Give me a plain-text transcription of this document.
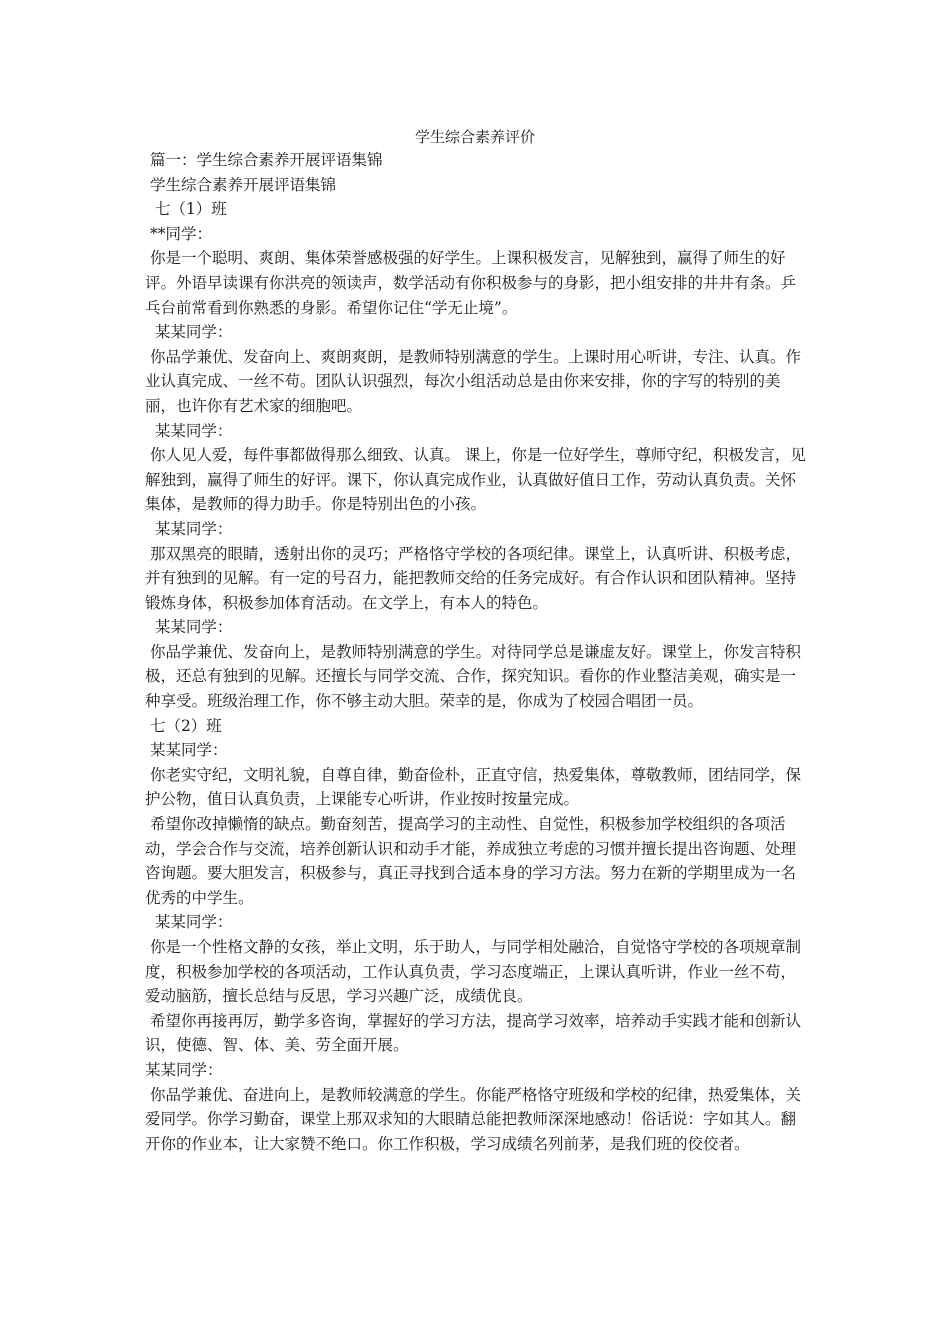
学生综合素养评价

篇一：学生综合素养开展评语集锦

学生综合素养开展评语集锦

七（1）班

**同学：

你是一个聪明、爽朗、集体荣誉感极强的好学生。上课积极发言，见解独到，赢得了师生的好评。外语早读课有你洪亮的领读声，数学活动有你积极参与的身影，把小组安排的井井有条。乒乓台前常看到你熟悉的身影。希望你记住“学无止境”。

某某同学：

你品学兼优、发奋向上、爽朗爽朗，是教师特别满意的学生。上课时用心听讲，专注、认真。作业认真完成、一丝不苟。团队认识强烈，每次小组活动总是由你来安排，你的字写的特别的美丽，也许你有艺术家的细胞吧。

某某同学：

你人见人爱，每件事都做得那么细致、认真。 课上，你是一位好学生，尊师守纪，积极发言，见解独到，赢得了师生的好评。课下，你认真完成作业，认真做好值日工作，劳动认真负责。关怀集体，是教师的得力助手。你是特别出色的小孩。

某某同学：

那双黑亮的眼睛，透射出你的灵巧；严格恪守学校的各项纪律。课堂上，认真听讲、积极考虑，并有独到的见解。有一定的号召力，能把教师交给的任务完成好。有合作认识和团队精神。坚持锻炼身体，积极参加体育活动。在文学上，有本人的特色。

某某同学：

你品学兼优、发奋向上，是教师特别满意的学生。对待同学总是谦虚友好。课堂上，你发言特积极，还总有独到的见解。还擅长与同学交流、合作，探究知识。看你的作业整洁美观，确实是一种享受。班级治理工作，你不够主动大胆。荣幸的是，你成为了校园合唱团一员。

七（2）班

某某同学：

你老实守纪，文明礼貌，自尊自律，勤奋俭朴，正直守信，热爱集体，尊敬教师，团结同学，保护公物，值日认真负责，上课能专心听讲，作业按时按量完成。

希望你改掉懒惰的缺点。勤奋刻苦，提高学习的主动性、自觉性，积极参加学校组织的各项活动，学会合作与交流，培养创新认识和动手才能，养成独立考虑的习惯并擅长提出咨询题、处理咨询题。要大胆发言，积极参与，真正寻找到合适本身的学习方法。努力在新的学期里成为一名优秀的中学生。

某某同学：

你是一个性格文静的女孩，举止文明，乐于助人，与同学相处融洽，自觉恪守学校的各项规章制度，积极参加学校的各项活动，工作认真负责，学习态度端正，上课认真听讲，作业一丝不苟，爱动脑筋，擅长总结与反思，学习兴趣广泛，成绩优良。

希望你再接再厉，勤学多咨询，掌握好的学习方法，提高学习效率，培养动手实践才能和创新认识，使德、智、体、美、劳全面开展。

某某同学：

你品学兼优、奋进向上，是教师较满意的学生。你能严格恪守班级和学校的纪律，热爱集体，关爱同学。你学习勤奋，课堂上那双求知的大眼睛总能把教师深深地感动！俗话说：字如其人。翻开你的作业本，让大家赞不绝口。你工作积极，学习成绩名列前茅，是我们班的佼佼者。
